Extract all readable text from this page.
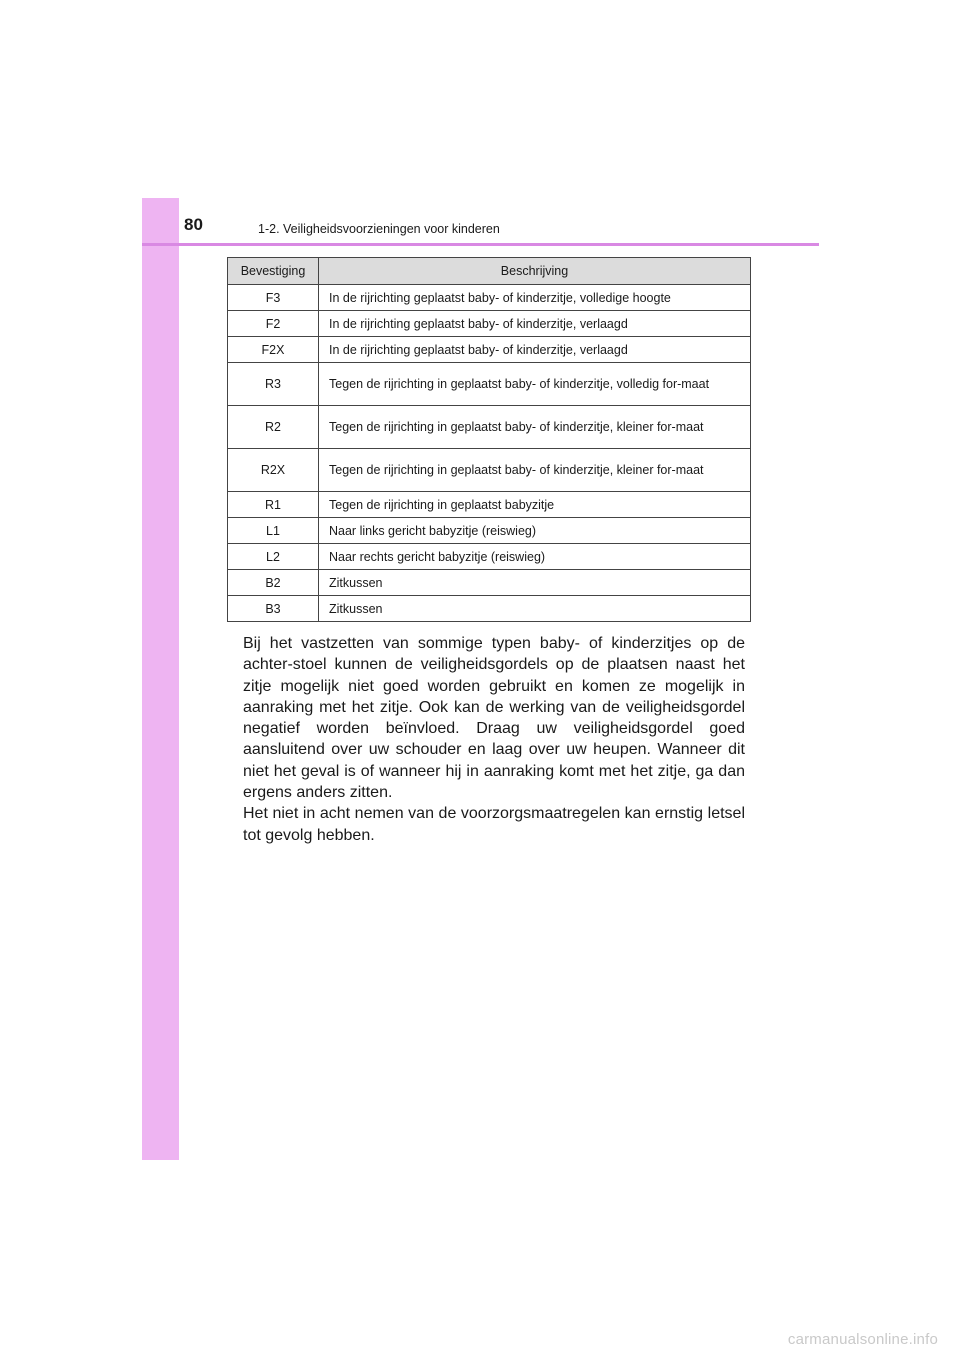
80	1-2. Veiligheidsvoorzieningen voor kinderen
Bevestiging	Beschrijving
F3	In de rijrichting geplaatst baby- of kinderzitje, volledige hoogte
F2	In de rijrichting geplaatst baby- of kinderzitje, verlaagd
F2X	In de rijrichting geplaatst baby- of kinderzitje, verlaagd
R3	Tegen de rijrichting in geplaatst baby- of kinderzitje, volledig for-maat
R2	Tegen de rijrichting in geplaatst baby- of kinderzitje, kleiner for-maat
R2X	Tegen de rijrichting in geplaatst baby- of kinderzitje, kleiner for-maat
R1	Tegen de rijrichting in geplaatst babyzitje
L1	Naar links gericht babyzitje (reiswieg)
L2	Naar rechts gericht babyzitje (reiswieg)
B2	Zitkussen
B3	Zitkussen

Bij het vastzetten van sommige typen baby- of kinderzitjes op de achter-stoel kunnen de veiligheidsgordels op de plaatsen naast het zitje mogelijk niet goed worden gebruikt en komen ze mogelijk in aanraking met het zitje. Ook kan de werking van de veiligheidsgordel negatief worden beïnvloed. Draag uw veiligheidsgordel goed aansluitend over uw schouder en laag over uw heupen. Wanneer dit niet het geval is of wanneer hij in aanraking komt met het zitje, ga dan ergens anders zitten.

Het niet in acht nemen van de voorzorgsmaatregelen kan ernstig letsel tot gevolg hebben.

carmanualsonline.info
